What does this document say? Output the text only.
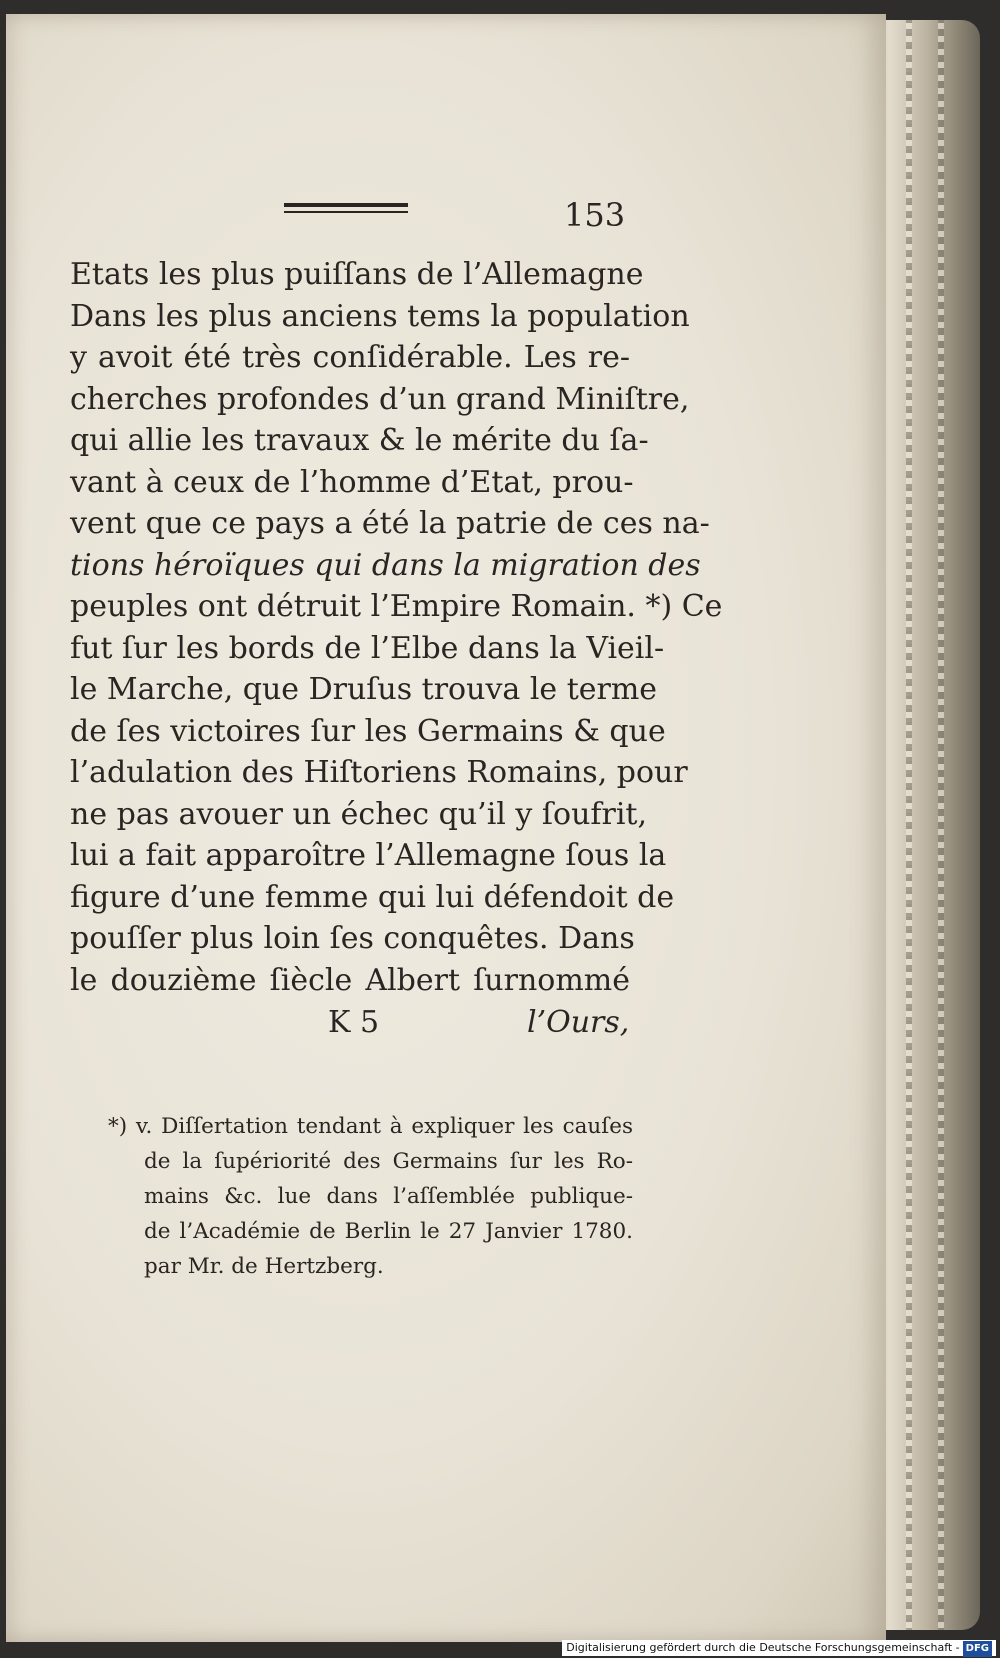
153
Etats les plus puiſſans de l’Allemagne
Dans les plus anciens tems la population
y avoit été très conſidérable. Les re-
cherches profondes d’un grand Miniſtre,
qui allie les travaux & le mérite du ſa-
vant à ceux de l’homme d’Etat, prou-
vent que ce pays a été la patrie de ces na-
tions héroïques qui dans la migration des
peuples ont détruit l’Empire Romain. *) Ce
fut ſur les bords de l’Elbe dans la Vieil-
le Marche, que Druſus trouva le terme
de ſes victoires ſur les Germains & que
l’adulation des Hiſtoriens Romains, pour
ne pas avouer un échec qu’il y ſoufrit,
lui a fait apparoître l’Allemagne ſous la
figure d’une femme qui lui défendoit de
pouſſer plus loin ſes conquêtes. Dans
le douzième ſiècle Albert ſurnommé
K 5	l’Ours,
*) v. Diſſertation tendant à expliquer les cauſes
de la ſupériorité des Germains ſur les Ro-
mains &c. lue dans l’aſſemblée publique-
de l’Académie de Berlin le 27 Janvier 1780.
par Mr. de Hertzberg.
Digitalisierung gefördert durch die Deutsche Forschungsgemeinschaft - DFG
